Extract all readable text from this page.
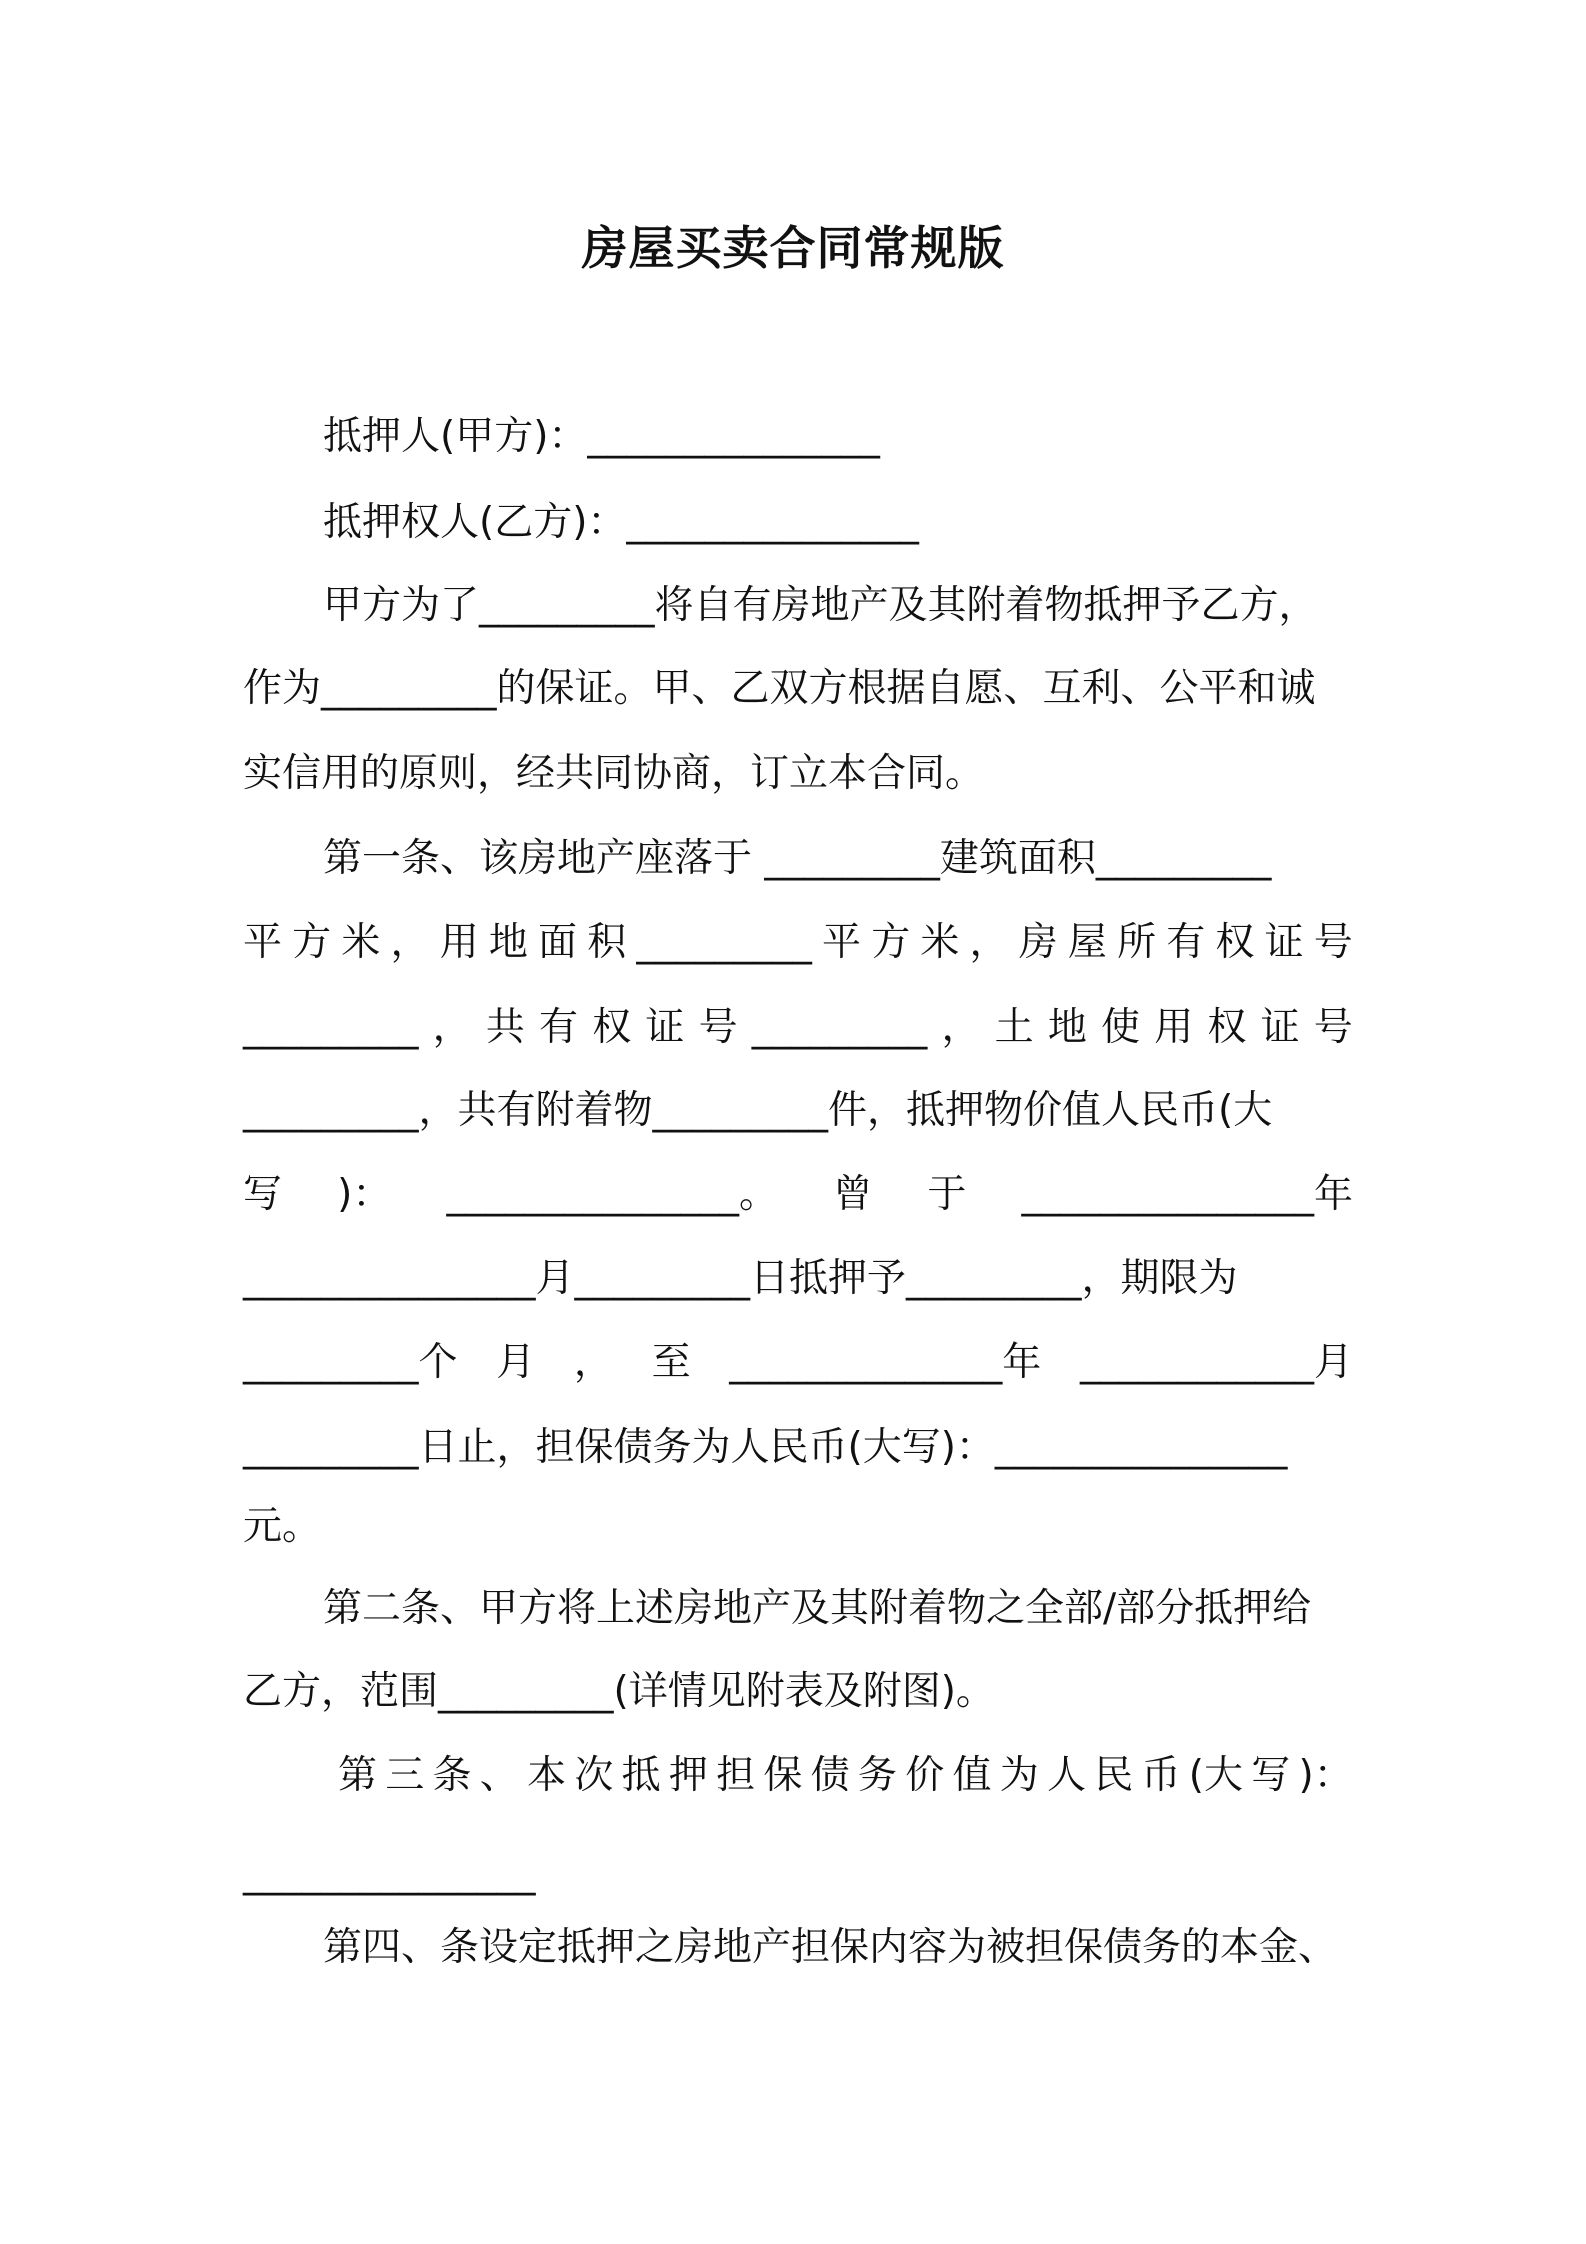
房屋买卖合同常规版
抵押人(甲方)：_______________
抵押权人(乙方)：_______________
甲方为了_________将自有房地产及其附着物抵押予乙方，
作为_________的保证。甲、乙双方根据自愿、互利、公平和诚
实信用的原则，经共同协商，订立本合同。
第一条、该房地产座落于 _________建筑面积_________
平 方 米 ， 用 地 面 积 _________ 平 方 米 ， 房 屋 所 有 权 证 号
_________ ， 共 有 权 证 号 _________ ， 土 地 使 用 权 证 号
_________，共有附着物_________件，抵押物价值人民币(大
写 )： _______________。 曾 于 _______________年
_______________月_________日抵押予_________，期限为
_________个 月 ， 至 ______________年 ____________月
_________日止，担保债务为人民币(大写)：_______________
元。
第二条、甲方将上述房地产及其附着物之全部/部分抵押给
乙方，范围_________(详情见附表及附图)。
第 三 条 、 本 次 抵 押 担 保 债 务 价 值 为 人 民 币 (大 写 )：
_______________
第四、条设定抵押之房地产担保内容为被担保债务的本金、
